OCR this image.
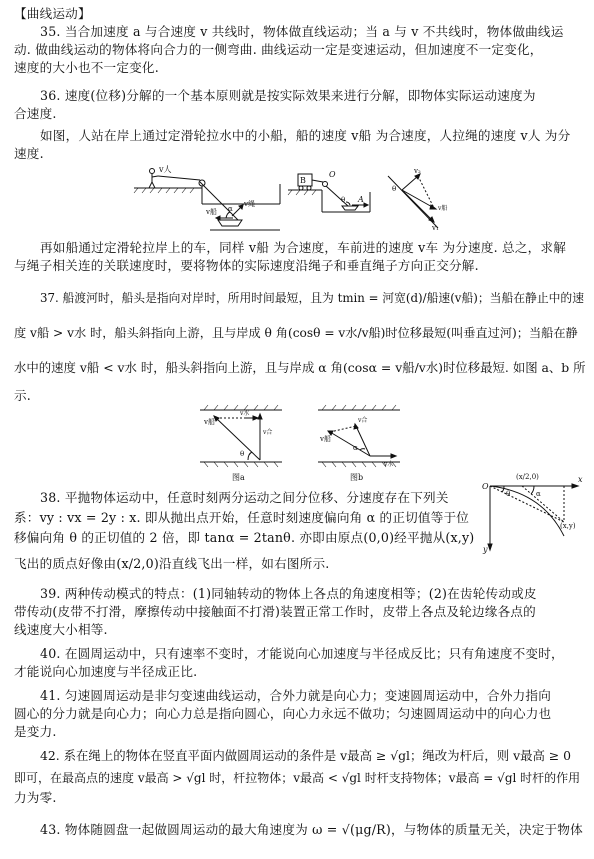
【曲线运动】
35. 当合加速度 a 与合速度 v 共线时，物体做直线运动；当 a 与 v 不共线时，物体做曲线运
动. 做曲线运动的物体将向合力的一侧弯曲. 曲线运动一定是变速运动，但加速度不一定变化，
速度的大小也不一定变化.
36. 速度(位移)分解的一个基本原则就是按实际效果来进行分解，即物体实际运动速度为
合速度.
如图，人站在岸上通过定滑轮拉水中的小船，船的速度 v船 为合速度，人拉绳的速度 v人 为分
速度.
v人
v船
v绳
α
B
O
A
θ
v₂
v₁
θ
v船
再如船通过定滑轮拉岸上的车，同样 v船 为合速度，车前进的速度 v车 为分速度. 总之，求解
与绳子相关连的关联速度时，要将物体的实际速度沿绳子和垂直绳子方向正交分解.
37. 船渡河时，船头是指向对岸时，所用时间最短，且为 tmin = 河宽(d)/船速(v船)；当船在静止中的速
度 v船 > v水 时，船头斜指向上游，且与岸成 θ 角(cosθ = v水/v船)时位移最短(叫垂直过河)；当船在静
水中的速度 v船 < v水 时，船头斜指向上游，且与岸成 α 角(cosα = v船/v水)时位移最短. 如图 a、b 所
示.
v船
v水
v合
θ
图a
v船
v合
α
v水
图b
38. 平抛物体运动中，任意时刻两分运动之间分位移、分速度存在下列关
系：vy : vx = 2y : x. 即从抛出点开始，任意时刻速度偏向角 α 的正切值等于位
移偏向角 θ 的正切值的 2 倍，即 tanα = 2tanθ. 亦即由原点(0,0)经平抛从(x,y)
飞出的质点好像由(x/2,0)沿直线飞出一样，如右图所示.
O
(x/2,0)	x
y
(x,y)
θ	α
39. 两种传动模式的特点：(1)同轴转动的物体上各点的角速度相等；(2)在齿轮传动或皮
带传动(皮带不打滑，摩擦传动中接触面不打滑)装置正常工作时，皮带上各点及轮边缘各点的
线速度大小相等.
40. 在圆周运动中，只有速率不变时，才能说向心加速度与半径成反比；只有角速度不变时，
才能说向心加速度与半径成正比.
41. 匀速圆周运动是非匀变速曲线运动，合外力就是向心力；变速圆周运动中，合外力指向
圆心的分力就是向心力；向心力总是指向圆心，向心力永远不做功；匀速圆周运动中的向心力也
是变力.
42. 系在绳上的物体在竖直平面内做圆周运动的条件是 v最高 ≥ √gl；绳改为杆后，则 v最高 ≥ 0
即可，在最高点的速度 v最高 > √gl 时，杆拉物体；v最高 < √gl 时杆支持物体；v最高 = √gl 时杆的作用
力为零.
43. 物体随圆盘一起做圆周运动的最大角速度为 ω = √(μg/R)，与物体的质量无关，决定于物体
